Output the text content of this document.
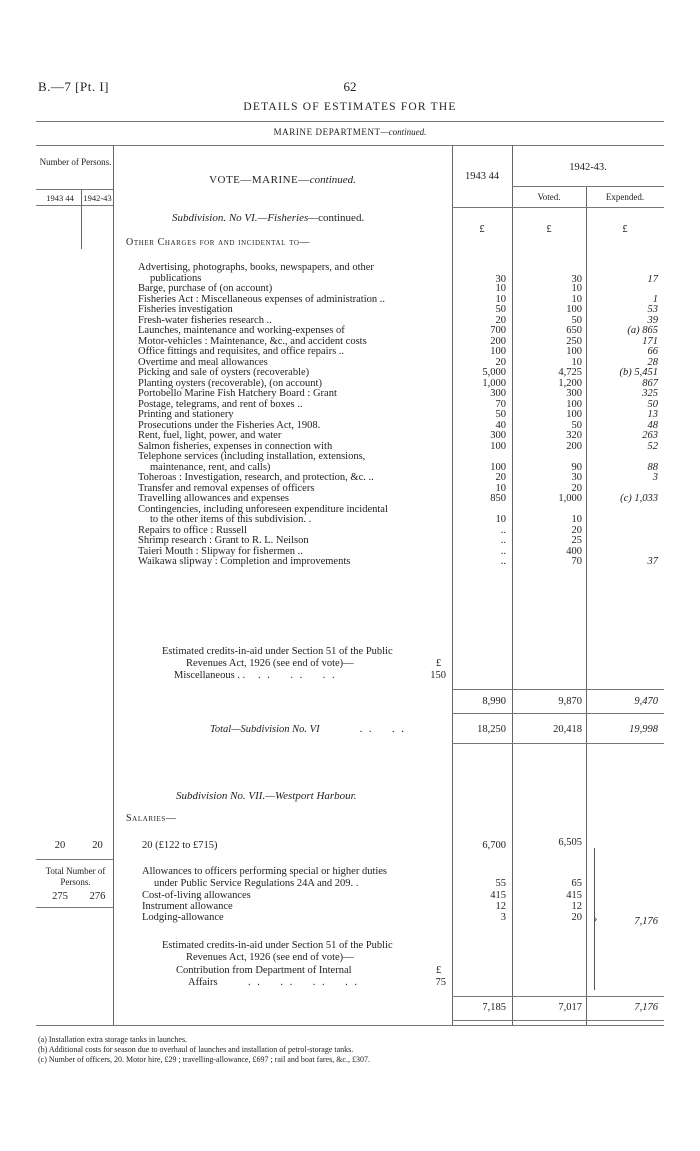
B.—7 [Pt. I]	62
DETAILS OF ESTIMATES FOR THE
MARINE DEPARTMENT—continued.
Number of Persons.
1943 44	1942-43
VOTE—MARINE—continued.	1943 44
1942-43.
Voted.	Expended.
Subdivision. No VI.—Fisheries—continued.
£	£	£
Other Charges for and incidental to—
Advertising, photographs, books, newspapers, and other
publications	30	30	17
Barge, purchase of (on account)	10	10
Fisheries Act : Miscellaneous expenses of administration ..	10	10	1
Fisheries investigation	50	100	53
Fresh-water fisheries research ..	20	50	39
Launches, maintenance and working-expenses of	700	650	(a) 865
Motor-vehicles : Maintenance, &c., and accident costs	200	250	171
Office fittings and requisites, and office repairs ..	100	100	66
Overtime and meal allowances	20	10	28
Picking and sale of oysters (recoverable)	5,000	4,725	(b) 5,451
Planting oysters (recoverable), (on account)	1,000	1,200	867
Portobello Marine Fish Hatchery Board : Grant	300	300	325
Postage, telegrams, and rent of boxes ..	70	100	50
Printing and stationery	50	100	13
Prosecutions under the Fisheries Act, 1908.	40	50	48
Rent, fuel, light, power, and water	300	320	263
Salmon fisheries, expenses in connection with	100	200	52
Telephone services (including installation, extensions,
maintenance, rent, and calls)	100	90	88
Toheroas : Investigation, research, and protection, &c. ..	20	30	3
Transfer and removal expenses of officers	10	20
Travelling allowances and expenses	850	1,000	(c) 1,033
Contingencies, including unforeseen expenditure incidental
to the other items of this subdivision. .	10	10
Repairs to office : Russell	..	20
Shrimp research : Grant to R. L. Neilson	..	25
Taieri Mouth : Slipway for fishermen ..	..	400
Waikawa slipway : Completion and improvements	..	70	37
Estimated credits-in-aid under Section 51 of the Public
Revenues Act, 1926 (see end of vote)—	£
Miscellaneous . . . .    . .    . .	150
8,990	9,870	9,470
Total—Subdivision No. VI	. .    . .	18,250	20,418	19,998
Subdivision No. VII.—Westport Harbour.
Salaries—
20	20	20 (£122 to £715)	6,700	6,505
Total Number of Persons.
275	276
Allowances to officers performing special or higher duties
under Public Service Regulations 24A and 209. .	55	65
Cost-of-living allowances	415	415
Instrument allowance	12	12
Lodging-allowance	3	20 ›	7,176
Estimated credits-in-aid under Section 51 of the Public
Revenues Act, 1926 (see end of vote)—
Contribution from Department of Internal	£
Affairs	. .    . .    . .    . .	75
7,185	7,017	7,176
(a) Installation extra storage tanks in launches.
(b) Additional costs for season due to overhaul of launches and installation of petrol-storage tanks.
(c) Number of officers, 20. Motor hire, £29 ; travelling-allowance, £697 ; rail and boat fares, &c., £307.
